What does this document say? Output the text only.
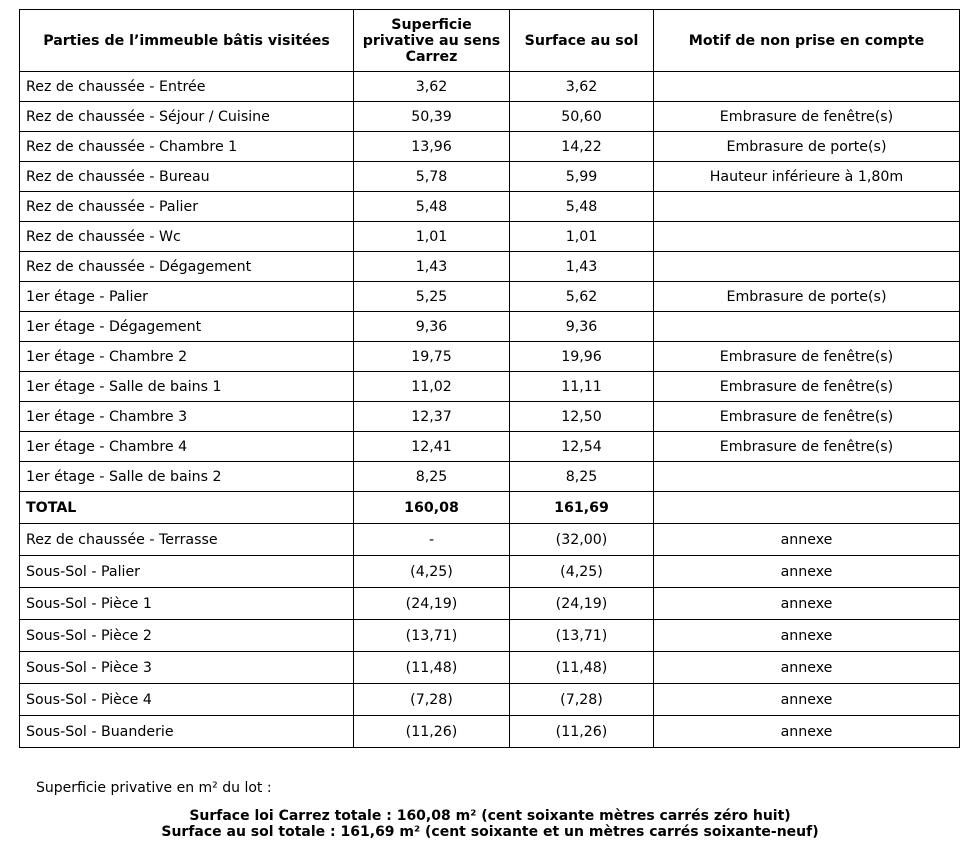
Parties de l’immeuble bâtis visitées	Superficie privative au sens Carrez	Surface au sol	Motif de non prise en compte
Rez de chaussée - Entrée	3,62	3,62	
Rez de chaussée - Séjour / Cuisine	50,39	50,60	Embrasure de fenêtre(s)
Rez de chaussée - Chambre 1	13,96	14,22	Embrasure de porte(s)
Rez de chaussée - Bureau	5,78	5,99	Hauteur inférieure à 1,80m
Rez de chaussée - Palier	5,48	5,48	
Rez de chaussée - Wc	1,01	1,01	
Rez de chaussée - Dégagement	1,43	1,43	
1er étage - Palier	5,25	5,62	Embrasure de porte(s)
1er étage - Dégagement	9,36	9,36	
1er étage - Chambre 2	19,75	19,96	Embrasure de fenêtre(s)
1er étage - Salle de bains 1	11,02	11,11	Embrasure de fenêtre(s)
1er étage - Chambre 3	12,37	12,50	Embrasure de fenêtre(s)
1er étage - Chambre 4	12,41	12,54	Embrasure de fenêtre(s)
1er étage - Salle de bains 2	8,25	8,25	
TOTAL	160,08	161,69	
Rez de chaussée - Terrasse	-	(32,00)	annexe
Sous-Sol - Palier	(4,25)	(4,25)	annexe
Sous-Sol - Pièce 1	(24,19)	(24,19)	annexe
Sous-Sol - Pièce 2	(13,71)	(13,71)	annexe
Sous-Sol - Pièce 3	(11,48)	(11,48)	annexe
Sous-Sol - Pièce 4	(7,28)	(7,28)	annexe
Sous-Sol - Buanderie	(11,26)	(11,26)	annexe
Superficie privative en m² du lot :
Surface loi Carrez totale : 160,08 m² (cent soixante mètres carrés zéro huit)
Surface au sol totale : 161,69 m² (cent soixante et un mètres carrés soixante-neuf)
